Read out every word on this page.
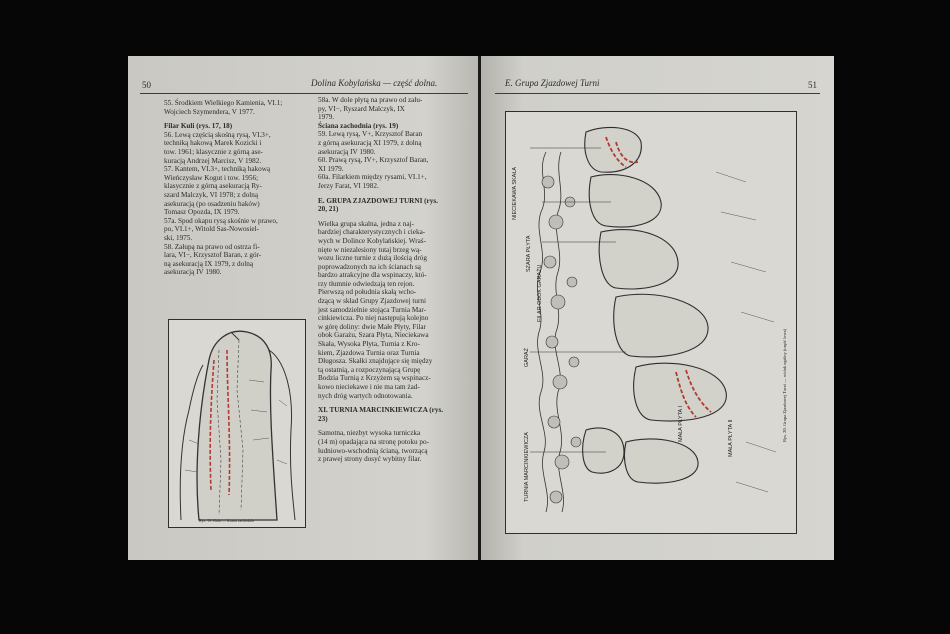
50	Dolina Kobylańska — część dolna.
55. Środkiem Wielkiego Kamienia, VI.1;
Wojciech Szymendera, V 1977.
Filar Kuli (rys. 17, 18)
56. Lewą częścią skośną rysą, VI.3+,
techniką hakową Marek Kozicki i
tow. 1961; klasycznie z górną ase-
kuracją Andrzej Marcisz, V 1982.
57. Kantem, VI.3+, techniką hakową
Wieńczysław Kogut i tow. 1956;
klasycznie z górną asekuracją Ry-
szard Malczyk, VI 1978; z dolną
asekuracją (po osadzeniu haków)
Tomasz Opozda, IX 1979.
57a. Spod okapu rysą skośnie w prawo,
po, VI.1+, Witold Sas-Nowosiel-
ski, 1975.
58. Załupą na prawo od ostrza fi-
lara, VI−, Krzysztof Baran, z gór-
ną asekuracją IX 1979, z dolną
asekuracją IV 1980.
58a. W dole płytą na prawo od zału-
py, VI−, Ryszard Malczyk, IX
1979.
Ściana zachodnia (rys. 19)
59. Lewą rysą, V+, Krzysztof Baran
z górną asekuracją XI 1979, z dolną
asekuracją IV 1980.
60. Prawą rysą, IV+, Krzysztof Baran,
XI 1979.
60a. Filarkiem między rysami, VI.1+,
Jerzy Farat, VI 1982.
E. GRUPA ZJAZDOWEJ TURNI (rys.
20, 21)
Wielka grupa skalna, jedna z naj-
bardziej charakterystycznych i cieka-
wych w Dolince Kobylańskiej. Wraś-
nięte w niezalesiony tutaj brzeg wą-
wozu liczne turnie z dużą ilością dróg
poprowadzonych na ich ścianach są
bardzo atrakcyjne dla wspinaczy, któ-
rzy tłumnie odwiedzają ten rejon.
Pierwszą od południa skałą wcho-
dzącą w skład Grupy Zjazdowej turni
jest samodzielnie stojąca Turnia Mar-
cinkiewicza. Po niej następują kolejno
w górę doliny: dwie Małe Płyty, Filar
obok Garażu, Szara Płyta, Nieciekawa
Skała, Wysoka Płyta, Turnia z Kro-
kiem, Zjazdowa Turnia oraz Turnia
Długosza. Skałki znajdujące się między
tą ostatnią, a rozpoczynającą Grupę
Bodzia Turnią z Krzyżem są wspinacz-
kowo nieciekawe i nie ma tam żad-
nych dróg wartych odnotowania.
XI. TURNIA MARCINKIEWICZA (rys.
23)
Samotna, niezbyt wysoka turniczka
(14 m) opadająca na stronę potoku po-
łudniowo-wschodnią ścianą, tworzącą
z prawej strony dosyć wybitny filar.
Rys. 19. Kula — ściana zachodnia
E. Grupa Zjazdowej Turni	51
NIECIEKAWA SKAŁA
SZARA PŁYTA
FILAR OBOK GARAŻU
GARAŻ
TURNIA MARCINKIEWICZA
MAŁA PŁYTA I	MAŁA PŁYTA II	Rys. 20. Grupa Zjazdowej Turni — widok ogólny (część lewa)
